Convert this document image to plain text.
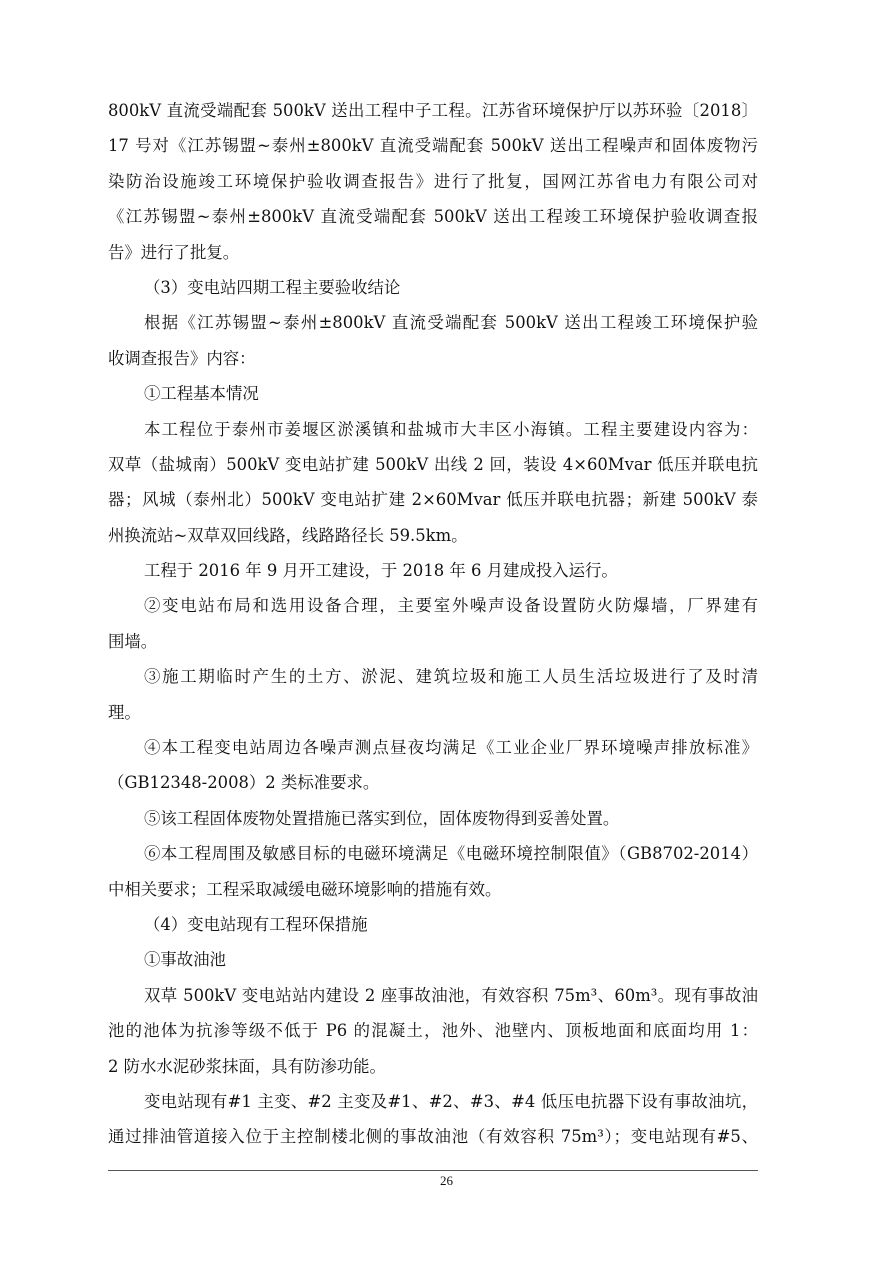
800kV 直流受端配套 500kV 送出工程中子工程。江苏省环境保护厅以苏环验〔2018〕
17 号对《江苏锡盟~泰州±800kV 直流受端配套 500kV 送出工程噪声和固体废物污
染防治设施竣工环境保护验收调查报告》进行了批复，国网江苏省电力有限公司对
《江苏锡盟~泰州±800kV 直流受端配套 500kV 送出工程竣工环境保护验收调查报
告》进行了批复。
（3）变电站四期工程主要验收结论
根据《江苏锡盟~泰州±800kV 直流受端配套 500kV 送出工程竣工环境保护验
收调查报告》内容：
①工程基本情况
本工程位于泰州市姜堰区淤溪镇和盐城市大丰区小海镇。工程主要建设内容为：
双草（盐城南）500kV 变电站扩建 500kV 出线 2 回，装设 4×60Mvar 低压并联电抗
器；风城（泰州北）500kV 变电站扩建 2×60Mvar 低压并联电抗器；新建 500kV 泰
州换流站~双草双回线路，线路路径长 59.5km。
工程于 2016 年 9 月开工建设，于 2018 年 6 月建成投入运行。
②变电站布局和选用设备合理，主要室外噪声设备设置防火防爆墙，厂界建有
围墙。
③施工期临时产生的土方、淤泥、建筑垃圾和施工人员生活垃圾进行了及时清
理。
④本工程变电站周边各噪声测点昼夜均满足《工业企业厂界环境噪声排放标准》
（GB12348-2008）2 类标准要求。
⑤该工程固体废物处置措施已落实到位，固体废物得到妥善处置。
⑥本工程周围及敏感目标的电磁环境满足《电磁环境控制限值》（GB8702-2014）
中相关要求；工程采取减缓电磁环境影响的措施有效。
（4）变电站现有工程环保措施
①事故油池
双草 500kV 变电站站内建设 2 座事故油池，有效容积 75m³、60m³。现有事故油
池的池体为抗渗等级不低于 P6 的混凝土，池外、池壁内、顶板地面和底面均用 1：
2 防水水泥砂浆抹面，具有防渗功能。
变电站现有#1 主变、#2 主变及#1、#2、#3、#4 低压电抗器下设有事故油坑，
通过排油管道接入位于主控制楼北侧的事故油池（有效容积 75m³）；变电站现有#5、
26
